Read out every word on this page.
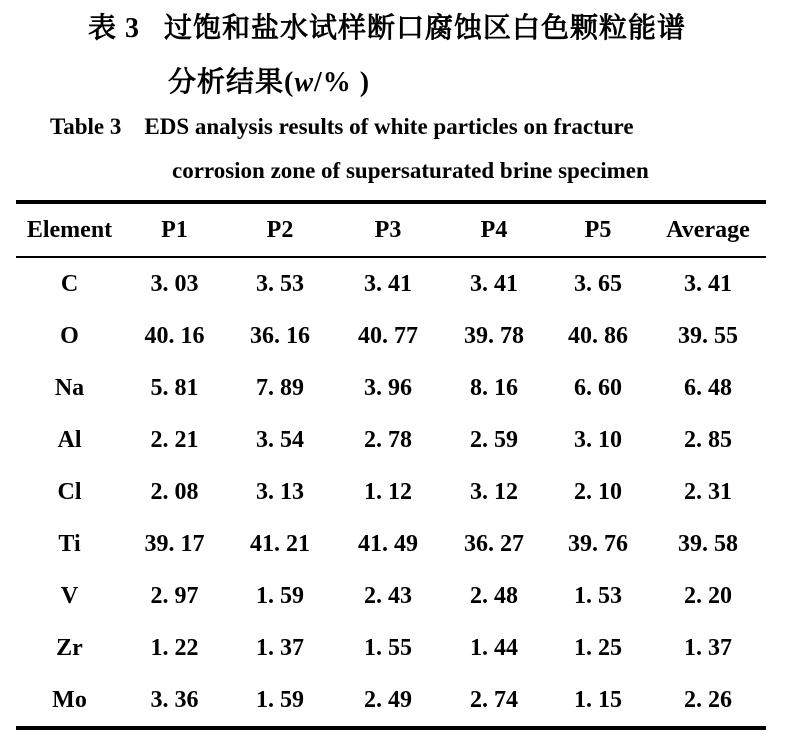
表 3   过饱和盐水试样断口腐蚀区白色颗粒能谱
分析结果(w/% )
Table 3    EDS analysis results of white particles on fracture
corrosion zone of supersaturated brine specimen
Element	P1	P2	P3	P4	P5	Average
C	3. 03	3. 53	3. 41	3. 41	3. 65	3. 41
O	40. 16	36. 16	40. 77	39. 78	40. 86	39. 55
Na	5. 81	7. 89	3. 96	8. 16	6. 60	6. 48
Al	2. 21	3. 54	2. 78	2. 59	3. 10	2. 85
Cl	2. 08	3. 13	1. 12	3. 12	2. 10	2. 31
Ti	39. 17	41. 21	41. 49	36. 27	39. 76	39. 58
V	2. 97	1. 59	2. 43	2. 48	1. 53	2. 20
Zr	1. 22	1. 37	1. 55	1. 44	1. 25	1. 37
Mo	3. 36	1. 59	2. 49	2. 74	1. 15	2. 26
